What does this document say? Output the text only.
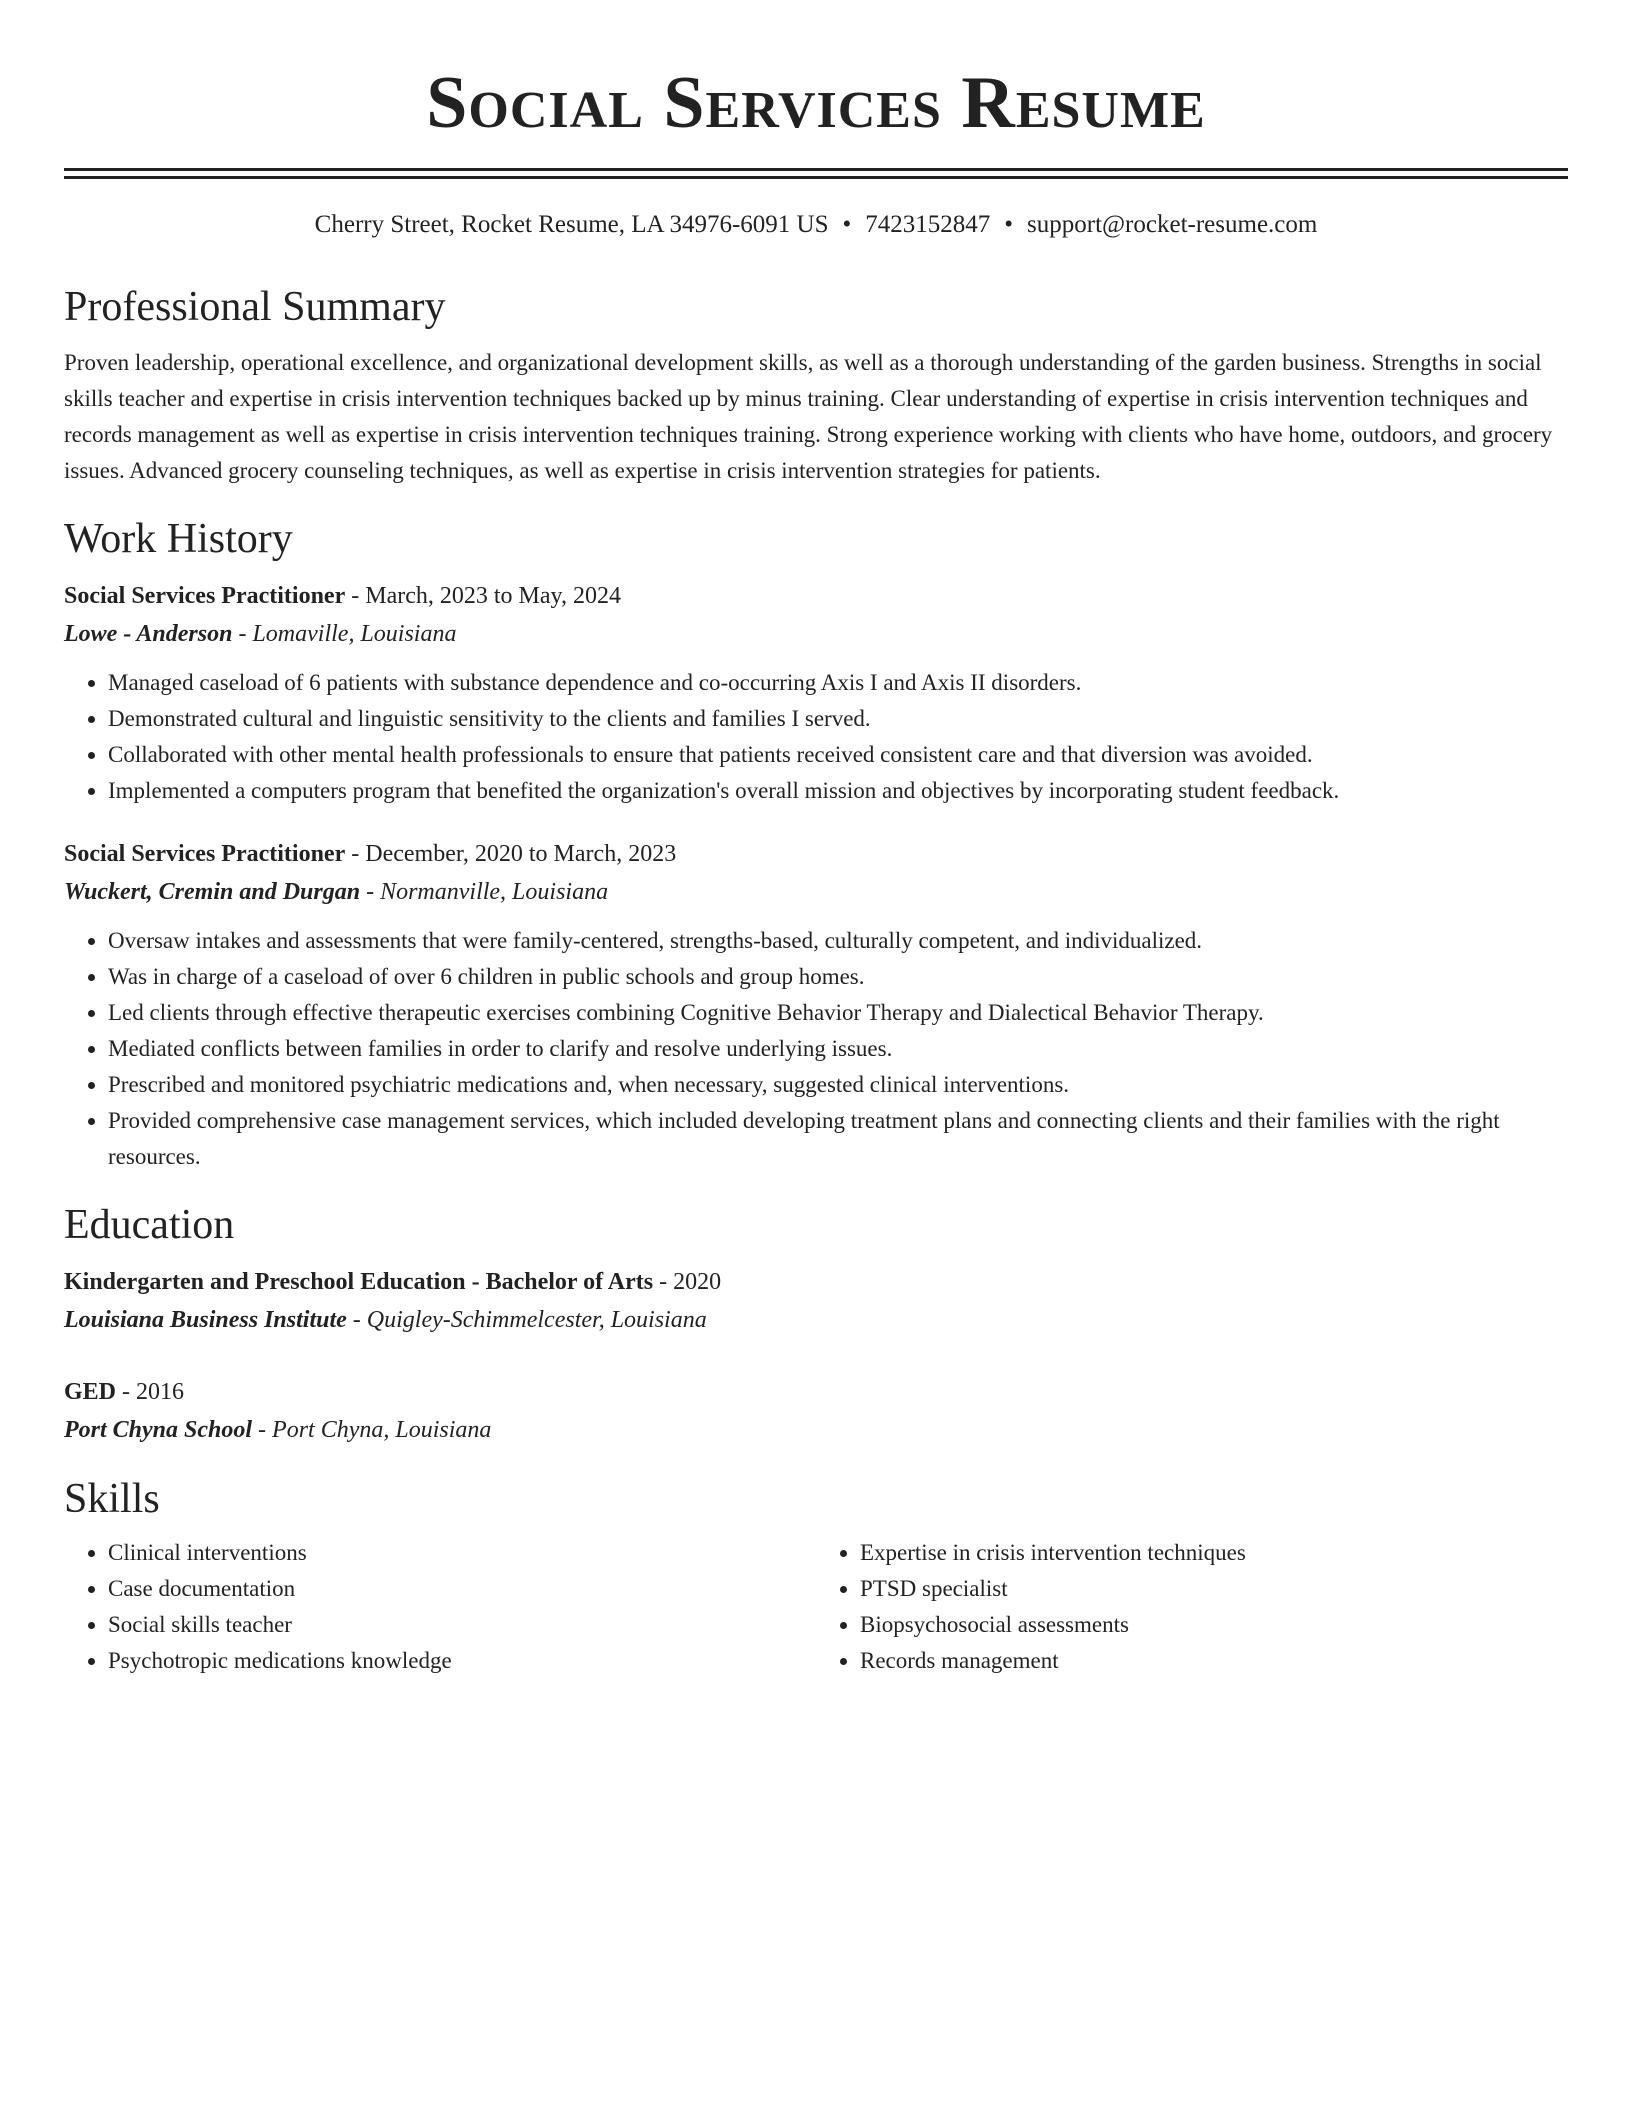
Social Services Resume
Cherry Street, Rocket Resume, LA 34976-6091 US • 7423152847 • support@rocket-resume.com
Professional Summary

Proven leadership, operational excellence, and organizational development skills, as well as a thorough understanding of the garden business. Strengths in social skills teacher and expertise in crisis intervention techniques backed up by minus training. Clear understanding of expertise in crisis intervention techniques and records management as well as expertise in crisis intervention techniques training. Strong experience working with clients who have home, outdoors, and grocery issues. Advanced grocery counseling techniques, as well as expertise in crisis intervention strategies for patients.

Work History
Social Services Practitioner - March, 2023 to May, 2024
Lowe - Anderson - Lomaville, Louisiana
• Managed caseload of 6 patients with substance dependence and co-occurring Axis I and Axis II disorders.
• Demonstrated cultural and linguistic sensitivity to the clients and families I served.
• Collaborated with other mental health professionals to ensure that patients received consistent care and that diversion was avoided.
• Implemented a computers program that benefited the organization's overall mission and objectives by incorporating student feedback.
Social Services Practitioner - December, 2020 to March, 2023
Wuckert, Cremin and Durgan - Normanville, Louisiana
• Oversaw intakes and assessments that were family-centered, strengths-based, culturally competent, and individualized.
• Was in charge of a caseload of over 6 children in public schools and group homes.
• Led clients through effective therapeutic exercises combining Cognitive Behavior Therapy and Dialectical Behavior Therapy.
• Mediated conflicts between families in order to clarify and resolve underlying issues.
• Prescribed and monitored psychiatric medications and, when necessary, suggested clinical interventions.
• Provided comprehensive case management services, which included developing treatment plans and connecting clients and their families with the right resources.
Education
Kindergarten and Preschool Education - Bachelor of Arts - 2020
Louisiana Business Institute - Quigley-Schimmelcester, Louisiana
GED - 2016
Port Chyna School - Port Chyna, Louisiana
Skills
• Clinical interventions
• Case documentation
• Social skills teacher
• Psychotropic medications knowledge
• Expertise in crisis intervention techniques
• PTSD specialist
• Biopsychosocial assessments
• Records management
